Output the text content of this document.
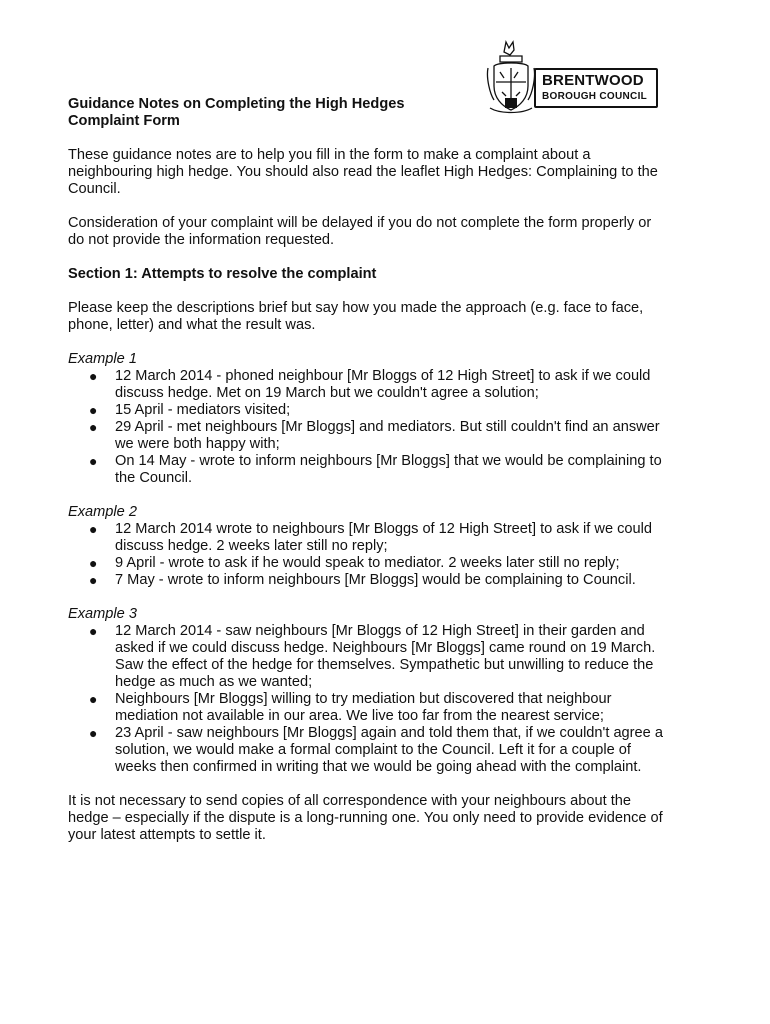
BRENTWOOD
BOROUGH COUNCIL

Guidance Notes on Completing the High Hedges
Complaint Form

These guidance notes are to help you fill in the form to make a complaint about a neighbouring high hedge. You should also read the leaflet High Hedges: Complaining to the Council.

Consideration of your complaint will be delayed if you do not complete the form properly or do not provide the information requested.

Section 1: Attempts to resolve the complaint

Please keep the descriptions brief but say how you made the approach (e.g. face to face, phone, letter) and what the result was.

Example 1

● 12 March 2014 - phoned neighbour [Mr Bloggs of 12 High Street] to ask if we could discuss hedge. Met on 19 March but we couldn't agree a solution;
● 15 April - mediators visited;
● 29 April - met neighbours [Mr Bloggs] and mediators. But still couldn't find an answer we were both happy with;
● On 14 May - wrote to inform neighbours [Mr Bloggs] that we would be complaining to the Council.

Example 2

● 12 March 2014 wrote to neighbours [Mr Bloggs of 12 High Street] to ask if we could discuss hedge. 2 weeks later still no reply;
● 9 April - wrote to ask if he would speak to mediator. 2 weeks later still no reply;
● 7 May - wrote to inform neighbours [Mr Bloggs] would be complaining to Council.

Example 3

● 12 March 2014 - saw neighbours [Mr Bloggs of 12 High Street] in their garden and asked if we could discuss hedge. Neighbours [Mr Bloggs] came round on 19 March. Saw the effect of the hedge for themselves. Sympathetic but unwilling to reduce the hedge as much as we wanted;
● Neighbours [Mr Bloggs] willing to try mediation but discovered that neighbour mediation not available in our area. We live too far from the nearest service;
● 23 April - saw neighbours [Mr Bloggs] again and told them that, if we couldn't agree a solution, we would make a formal complaint to the Council. Left it for a couple of weeks then confirmed in writing that we would be going ahead with the complaint.

It is not necessary to send copies of all correspondence with your neighbours about the hedge – especially if the dispute is a long-running one. You only need to provide evidence of your latest attempts to settle it.
